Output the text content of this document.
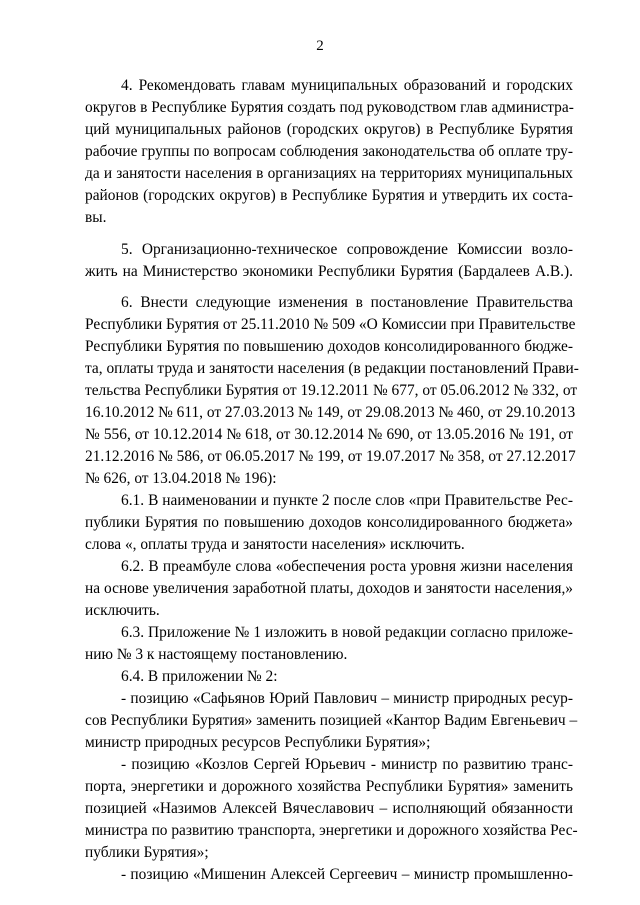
2
4. Рекомендовать главам муниципальных образований и городских
округов в Республике Бурятия создать под руководством глав администра-
ций муниципальных районов (городских округов) в Республике Бурятия
рабочие группы по вопросам соблюдения законодательства об оплате тру-
да и занятости населения в организациях на территориях муниципальных
районов (городских округов) в Республике Бурятия и утвердить их соста-
вы.
5. Организационно-техническое сопровождение Комиссии возло-
жить на Министерство экономики Республики Бурятия (Бардалеев А.В.).
6. Внести следующие изменения в постановление Правительства
Республики Бурятия от 25.11.2010 № 509 «О Комиссии при Правительстве
Республики Бурятия по повышению доходов консолидированного бюдже-
та, оплаты труда и занятости населения (в редакции постановлений Прави-
тельства Республики Бурятия от 19.12.2011 № 677, от 05.06.2012 № 332, от
16.10.2012 № 611, от 27.03.2013 № 149, от 29.08.2013 № 460, от 29.10.2013
№ 556, от 10.12.2014 № 618, от 30.12.2014 № 690, от 13.05.2016 № 191, от
21.12.2016 № 586, от 06.05.2017 № 199, от 19.07.2017 № 358, от 27.12.2017
№ 626, от 13.04.2018 № 196):
6.1. В наименовании и пункте 2 после слов «при Правительстве Рес-
публики Бурятия по повышению доходов консолидированного бюджета»
слова «, оплаты труда и занятости населения» исключить.
6.2. В преамбуле слова «обеспечения роста уровня жизни населения
на основе увеличения заработной платы, доходов и занятости населения,»
исключить.
6.3. Приложение № 1 изложить в новой редакции согласно приложе-
нию № 3 к настоящему постановлению.
6.4. В приложении № 2:
- позицию «Сафьянов Юрий Павлович – министр природных ресур-
сов Республики Бурятия» заменить позицией «Кантор Вадим Евгеньевич –
министр природных ресурсов Республики Бурятия»;
- позицию «Козлов Сергей Юрьевич - министр по развитию транс-
порта, энергетики и дорожного хозяйства Республики Бурятия» заменить
позицией «Назимов Алексей Вячеславович – исполняющий обязанности
министра по развитию транспорта, энергетики и дорожного хозяйства Рес-
публики Бурятия»;
- позицию «Мишенин Алексей Сергеевич – министр промышленно-
